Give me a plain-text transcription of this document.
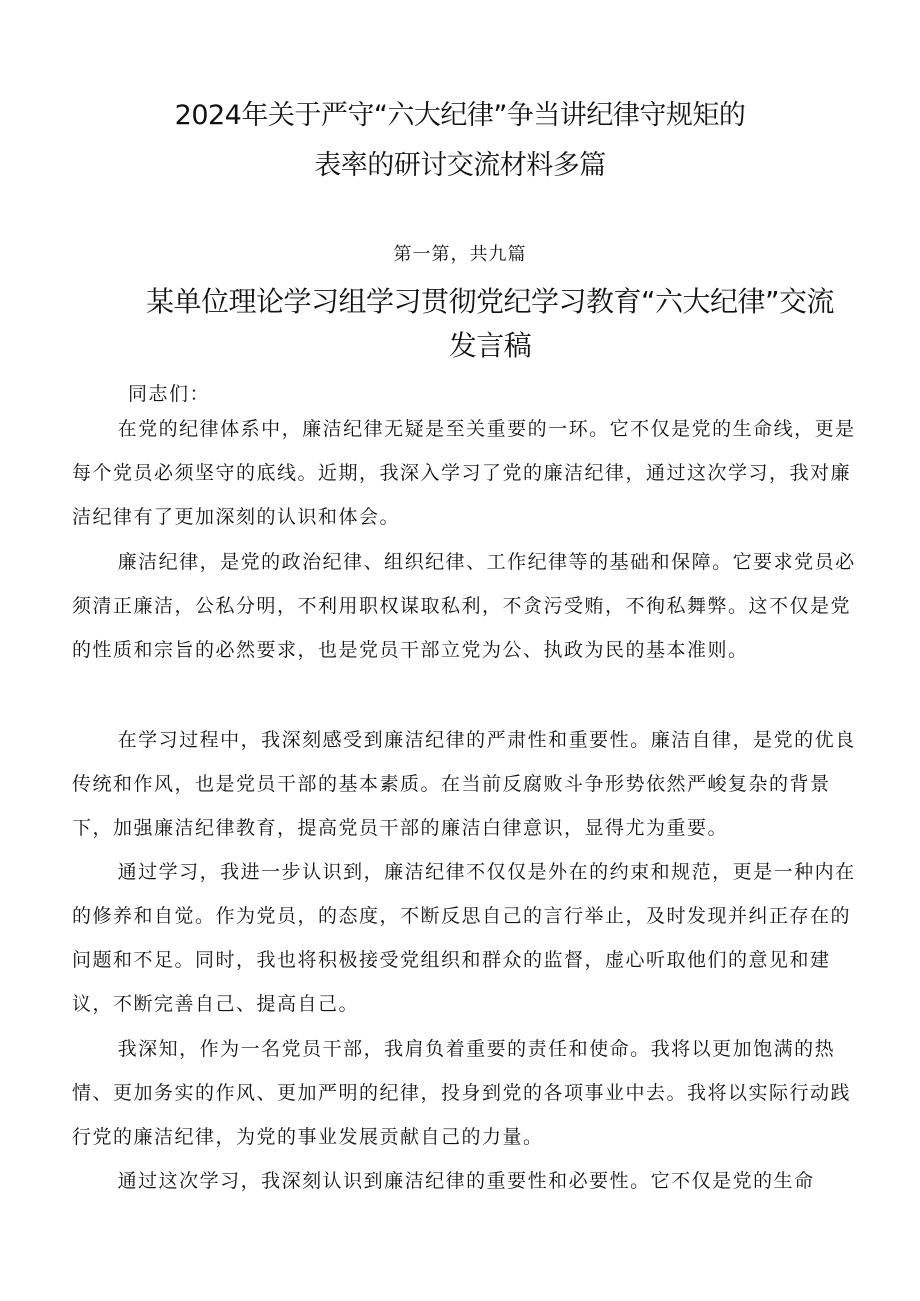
2024年关于严守“六大纪律”争当讲纪律守规矩的
表率的研讨交流材料多篇
第一第，共九篇
某单位理论学习组学习贯彻党纪学习教育“六大纪律”交流
发言稿
同志们：

在党的纪律体系中，廉洁纪律无疑是至关重要的一环。它不仅是党的生命线，更是每个党员必须坚守的底线。近期，我深入学习了党的廉洁纪律，通过这次学习，我对廉洁纪律有了更加深刻的认识和体会。

廉洁纪律，是党的政治纪律、组织纪律、工作纪律等的基础和保障。它要求党员必须清正廉洁，公私分明，不利用职权谋取私利，不贪污受贿，不徇私舞弊。这不仅是党的性质和宗旨的必然要求，也是党员干部立党为公、执政为民的基本准则。

在学习过程中，我深刻感受到廉洁纪律的严肃性和重要性。廉洁自律，是党的优良传统和作风，也是党员干部的基本素质。在当前反腐败斗争形势依然严峻复杂的背景下，加强廉洁纪律教育，提高党员干部的廉洁白律意识，显得尤为重要。

通过学习，我进一步认识到，廉洁纪律不仅仅是外在的约束和规范，更是一种内在的修养和自觉。作为党员，的态度，不断反思自己的言行举止，及时发现并纠正存在的问题和不足。同时，我也将积极接受党组织和群众的监督，虚心听取他们的意见和建议，不断完善自己、提高自己。

我深知，作为一名党员干部，我肩负着重要的责任和使命。我将以更加饱满的热情、更加务实的作风、更加严明的纪律，投身到党的各项事业中去。我将以实际行动践行党的廉洁纪律，为党的事业发展贡献自己的力量。

通过这次学习，我深刻认识到廉洁纪律的重要性和必要性。它不仅是党的生命
